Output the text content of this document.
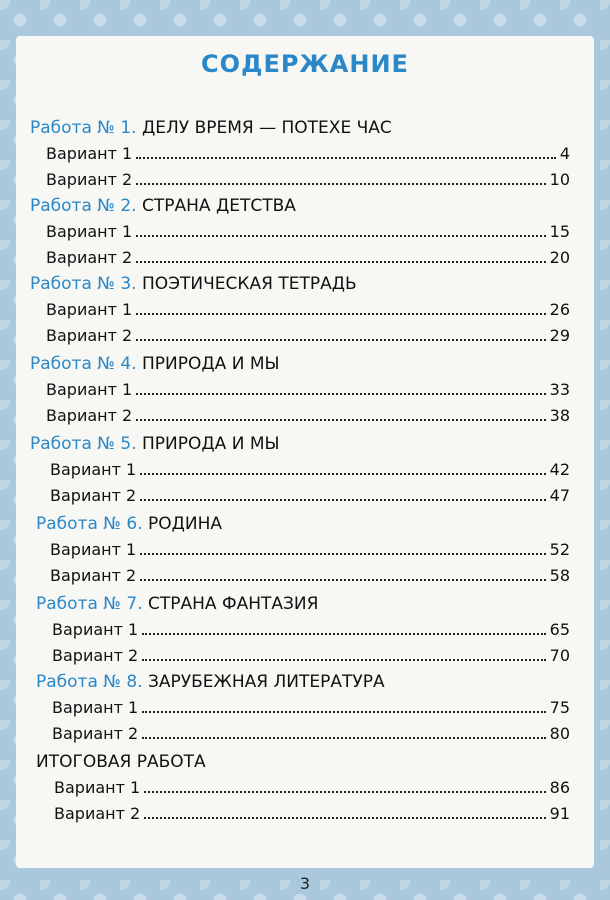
СОДЕРЖАНИЕ
Работа № 1. ДЕЛУ ВРЕМЯ — ПОТЕХЕ ЧАС
Вариант 1	4
Вариант 2	10
Работа № 2. СТРАНА ДЕТСТВА
Вариант 1	15
Вариант 2	20
Работа № 3. ПОЭТИЧЕСКАЯ ТЕТРАДЬ
Вариант 1	26
Вариант 2	29
Работа № 4. ПРИРОДА И МЫ
Вариант 1	33
Вариант 2	38
Работа № 5. ПРИРОДА И МЫ
Вариант 1	42
Вариант 2	47
Работа № 6. РОДИНА
Вариант 1	52
Вариант 2	58
Работа № 7. СТРАНА ФАНТАЗИЯ
Вариант 1	65
Вариант 2	70
Работа № 8. ЗАРУБЕЖНАЯ ЛИТЕРАТУРА
Вариант 1	75
Вариант 2	80
ИТОГОВАЯ РАБОТА
Вариант 1	86
Вариант 2	91
3
